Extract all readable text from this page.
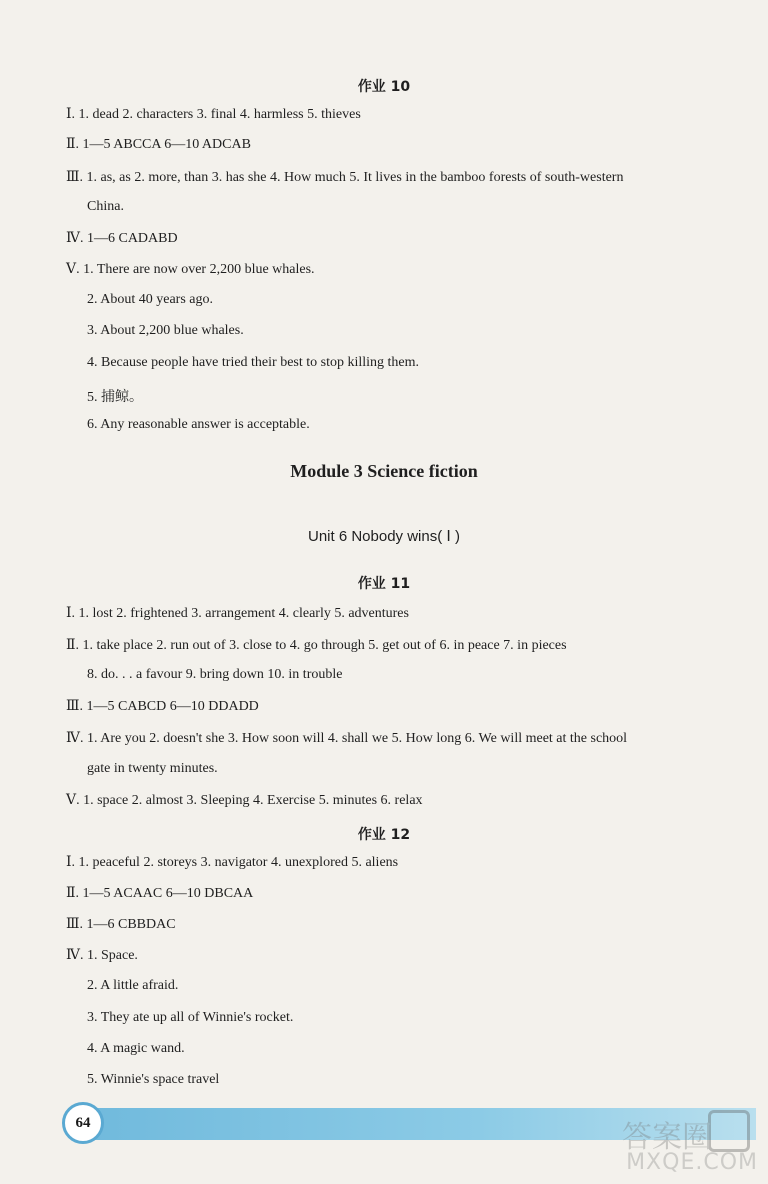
作业 10
Ⅰ. 1. dead 2. characters 3. final 4. harmless 5. thieves
Ⅱ. 1—5 ABCCA 6—10 ADCAB
Ⅲ. 1. as, as 2. more, than 3. has she 4. How much 5. It lives in the bamboo forests of south-western
China.
Ⅳ. 1—6 CADABD
Ⅴ. 1. There are now over 2,200 blue whales.
2. About 40 years ago.
3. About 2,200 blue whales.
4. Because people have tried their best to stop killing them.
5. 捕鲸。
6. Any reasonable answer is acceptable.
Module 3 Science fiction
Unit 6 Nobody wins( Ⅰ )
作业 11
Ⅰ. 1. lost 2. frightened 3. arrangement 4. clearly 5. adventures
Ⅱ. 1. take place 2. run out of 3. close to 4. go through 5. get out of 6. in peace 7. in pieces
8. do. . . a favour 9. bring down 10. in trouble
Ⅲ. 1—5 CABCD 6—10 DDADD
Ⅳ. 1. Are you 2. doesn't she 3. How soon will 4. shall we 5. How long 6. We will meet at the school
gate in twenty minutes.
Ⅴ. 1. space 2. almost 3. Sleeping 4. Exercise 5. minutes 6. relax
作业 12
Ⅰ. 1. peaceful 2. storeys 3. navigator 4. unexplored 5. aliens
Ⅱ. 1—5 ACAAC 6—10 DBCAA
Ⅲ. 1—6 CBBDAC
Ⅳ. 1. Space.
2. A little afraid.
3. They ate up all of Winnie's rocket.
4. A magic wand.
5. Winnie's space travel
64	答案圈
MXQE.COM
